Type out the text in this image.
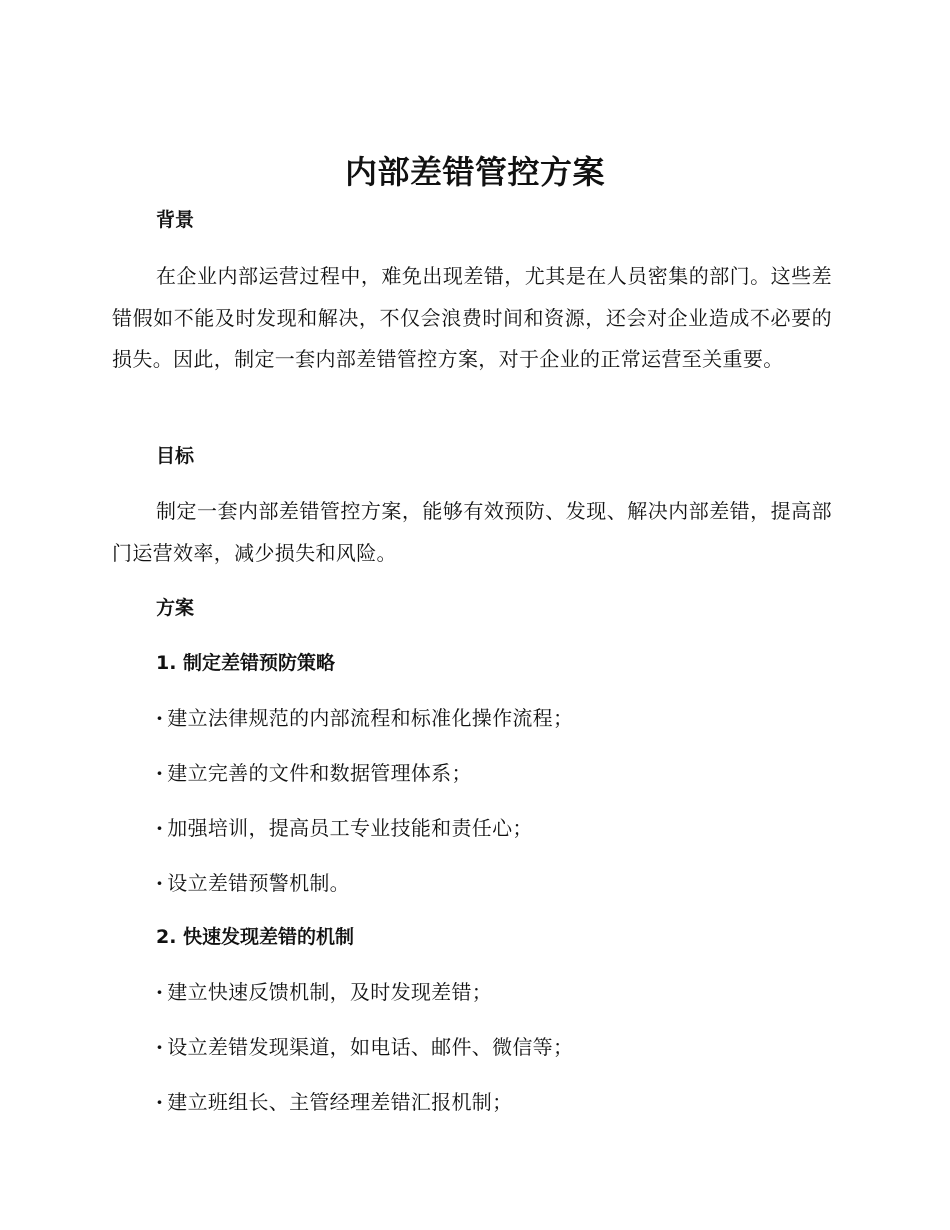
内部差错管控方案
背景

在企业内部运营过程中，难免出现差错，尤其是在人员密集的部门。这些差错假如不能及时发现和解决，不仅会浪费时间和资源，还会对企业造成不必要的损失。因此，制定一套内部差错管控方案，对于企业的正常运营至关重要。

目标

制定一套内部差错管控方案，能够有效预防、发现、解决内部差错，提高部门运营效率，减少损失和风险。

方案
1. 制定差错预防策略

· 建立法律规范的内部流程和标准化操作流程；

· 建立完善的文件和数据管理体系；

· 加强培训，提高员工专业技能和责任心；

· 设立差错预警机制。

2. 快速发现差错的机制

· 建立快速反馈机制，及时发现差错；

· 设立差错发现渠道，如电话、邮件、微信等；

· 建立班组长、主管经理差错汇报机制；
